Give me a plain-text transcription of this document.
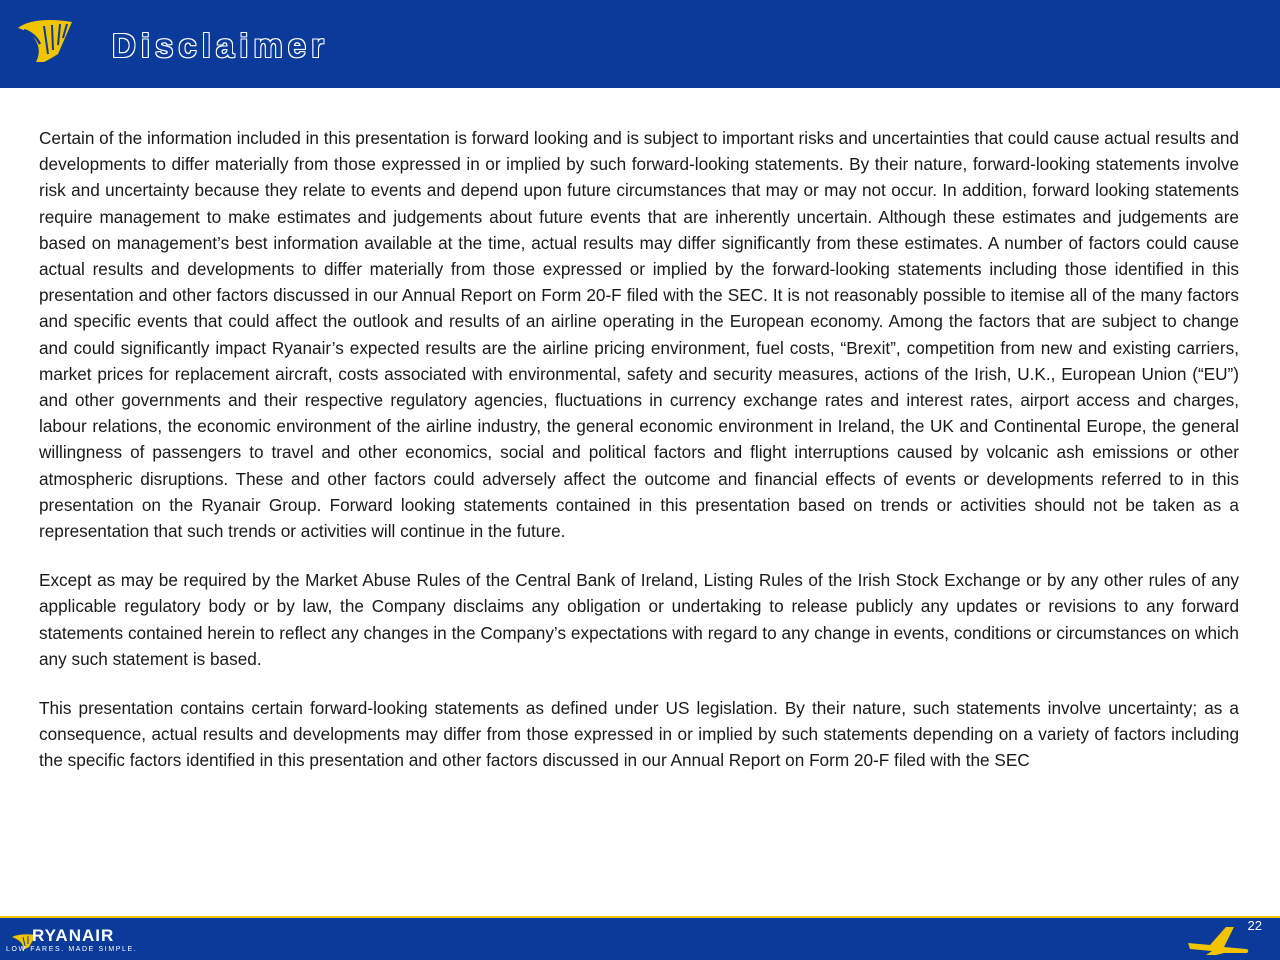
Disclaimer

Certain of the information included in this presentation is forward looking and is subject to important risks and uncertainties that could cause actual results and developments to differ materially from those expressed in or implied by such forward-looking statements. By their nature, forward-looking statements involve risk and uncertainty because they relate to events and depend upon future circumstances that may or may not occur. In addition, forward looking statements require management to make estimates and judgements about future events that are inherently uncertain. Although these estimates and judgements are based on management’s best information available at the time, actual results may differ significantly from these estimates. A number of factors could cause actual results and developments to differ materially from those expressed or implied by the forward-looking statements including those identified in this presentation and other factors discussed in our Annual Report on Form 20-F filed with the SEC. It is not reasonably possible to itemise all of the many factors and specific events that could affect the outlook and results of an airline operating in the European economy. Among the factors that are subject to change and could significantly impact Ryanair’s expected results are the airline pricing environment, fuel costs, “Brexit”, competition from new and existing carriers, market prices for replacement aircraft, costs associated with environmental, safety and security measures, actions of the Irish, U.K., European Union (“EU”) and other governments and their respective regulatory agencies, fluctuations in currency exchange rates and interest rates, airport access and charges, labour relations, the economic environment of the airline industry, the general economic environment in Ireland, the UK and Continental Europe, the general willingness of passengers to travel and other economics, social and political factors and flight interruptions caused by volcanic ash emissions or other atmospheric disruptions. These and other factors could adversely affect the outcome and financial effects of events or developments referred to in this presentation on the Ryanair Group. Forward looking statements contained in this presentation based on trends or activities should not be taken as a representation that such trends or activities will continue in the future.

Except as may be required by the Market Abuse Rules of the Central Bank of Ireland, Listing Rules of the Irish Stock Exchange or by any other rules of any applicable regulatory body or by law, the Company disclaims any obligation or undertaking to release publicly any updates or revisions to any forward statements contained herein to reflect any changes in the Company’s expectations with regard to any change in events, conditions or circumstances on which any such statement is based.

This presentation contains certain forward-looking statements as defined under US legislation. By their nature, such statements involve uncertainty; as a consequence, actual results and developments may differ from those expressed in or implied by such statements depending on a variety of factors including the specific factors identified in this presentation and other factors discussed in our Annual Report on Form 20-F filed with the SEC

RYANAIR

LOW FARES. MADE SIMPLE.

22
